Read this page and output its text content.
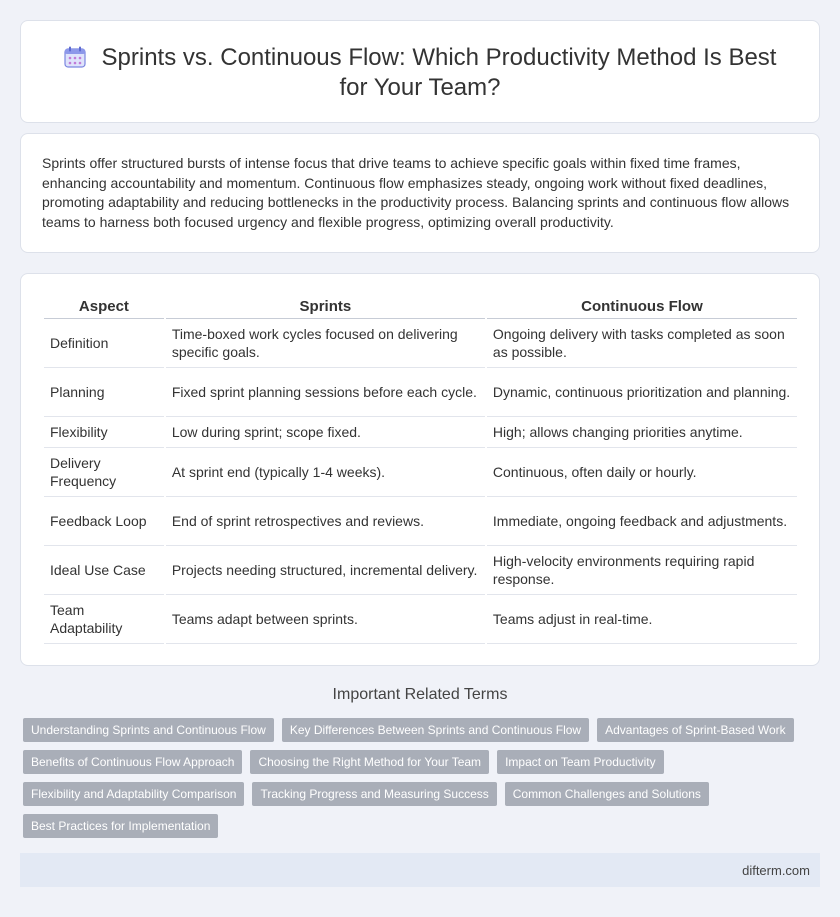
Sprints vs. Continuous Flow: Which Productivity Method Is Best for Your Team?

Sprints offer structured bursts of intense focus that drive teams to achieve specific goals within fixed time frames, enhancing accountability and momentum. Continuous flow emphasizes steady, ongoing work without fixed deadlines, promoting adaptability and reducing bottlenecks in the productivity process. Balancing sprints and continuous flow allows teams to harness both focused urgency and flexible progress, optimizing overall productivity.

Aspect	Sprints	Continuous Flow
Definition	Time-boxed work cycles focused on delivering specific goals.	Ongoing delivery with tasks completed as soon as possible.
Planning	Fixed sprint planning sessions before each cycle.	Dynamic, continuous prioritization and planning.
Flexibility	Low during sprint; scope fixed.	High; allows changing priorities anytime.
Delivery Frequency	At sprint end (typically 1-4 weeks).	Continuous, often daily or hourly.
Feedback Loop	End of sprint retrospectives and reviews.	Immediate, ongoing feedback and adjustments.
Ideal Use Case	Projects needing structured, incremental delivery.	High-velocity environments requiring rapid response.
Team Adaptability	Teams adapt between sprints.	Teams adjust in real-time.
Important Related Terms
Understanding Sprints and Continuous Flow	Key Differences Between Sprints and Continuous Flow	Advantages of Sprint-Based Work
Benefits of Continuous Flow Approach	Choosing the Right Method for Your Team	Impact on Team Productivity
Flexibility and Adaptability Comparison	Tracking Progress and Measuring Success	Common Challenges and Solutions
Best Practices for Implementation
difterm.com
